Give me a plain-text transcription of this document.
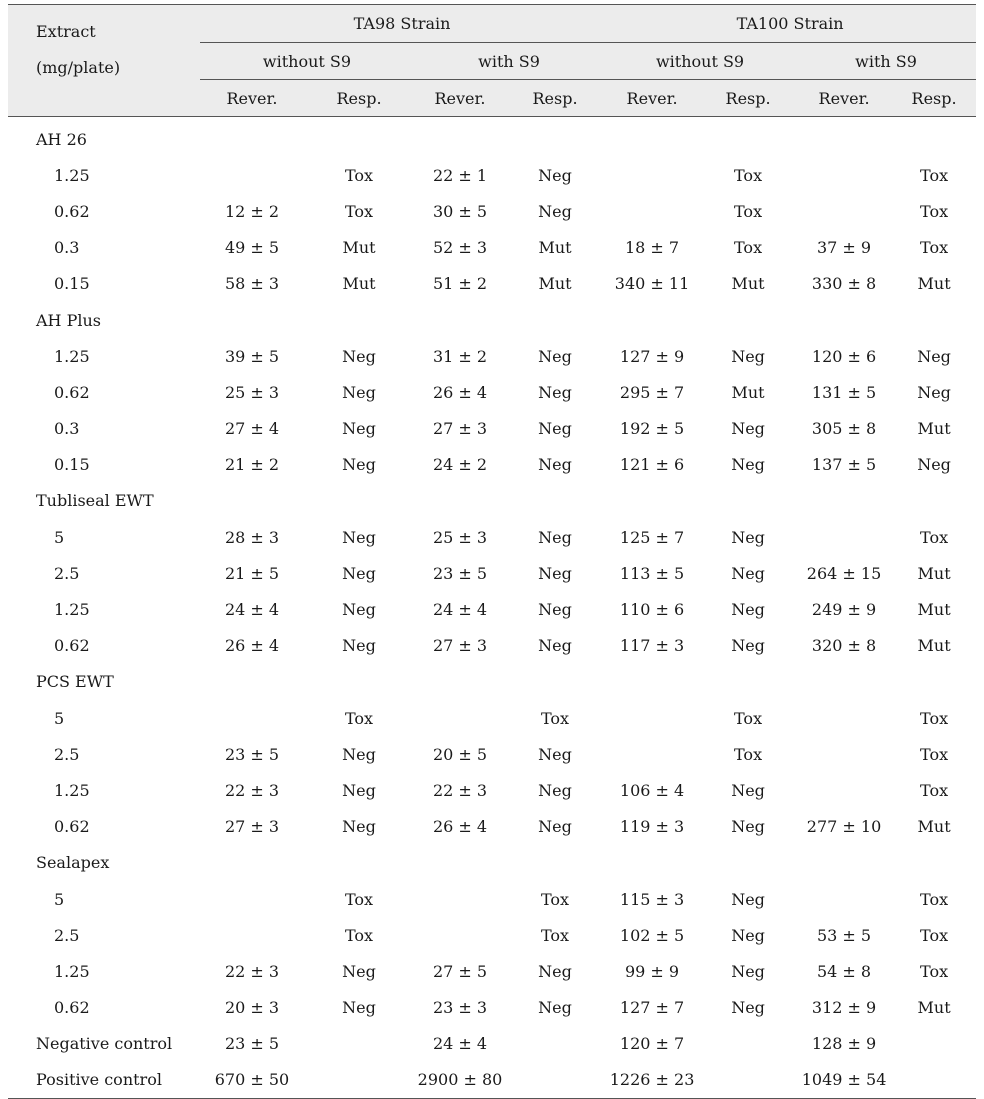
Extract
(mg/plate)	TA98 Strain				TA100 Strain			
	without S9		with S9		without S9		with S9	
	Rever.	Resp.	Rever.	Resp.	Rever.	Resp.	Rever.	Resp.
AH 26								
1.25		Tox	22 ± 1	Neg		Tox		Tox
0.62	12 ± 2	Tox	30 ± 5	Neg		Tox		Tox
0.3	49 ± 5	Mut	52 ± 3	Mut	18 ± 7	Tox	37 ± 9	Tox
0.15	58 ± 3	Mut	51 ± 2	Mut	340 ± 11	Mut	330 ± 8	Mut
AH Plus								
1.25	39 ± 5	Neg	31 ± 2	Neg	127 ± 9	Neg	120 ± 6	Neg
0.62	25 ± 3	Neg	26 ± 4	Neg	295 ± 7	Mut	131 ± 5	Neg
0.3	27 ± 4	Neg	27 ± 3	Neg	192 ± 5	Neg	305 ± 8	Mut
0.15	21 ± 2	Neg	24 ± 2	Neg	121 ± 6	Neg	137 ± 5	Neg
Tubliseal EWT								
5	28 ± 3	Neg	25 ± 3	Neg	125 ± 7	Neg		Tox
2.5	21 ± 5	Neg	23 ± 5	Neg	113 ± 5	Neg	264 ± 15	Mut
1.25	24 ± 4	Neg	24 ± 4	Neg	110 ± 6	Neg	249 ± 9	Mut
0.62	26 ± 4	Neg	27 ± 3	Neg	117 ± 3	Neg	320 ± 8	Mut
PCS EWT								
5		Tox		Tox		Tox		Tox
2.5	23 ± 5	Neg	20 ± 5	Neg		Tox		Tox
1.25	22 ± 3	Neg	22 ± 3	Neg	106 ± 4	Neg		Tox
0.62	27 ± 3	Neg	26 ± 4	Neg	119 ± 3	Neg	277 ± 10	Mut
Sealapex								
5		Tox		Tox	115 ± 3	Neg		Tox
2.5		Tox		Tox	102 ± 5	Neg	53 ± 5	Tox
1.25	22 ± 3	Neg	27 ± 5	Neg	99 ± 9	Neg	54 ± 8	Tox
0.62	20 ± 3	Neg	23 ± 3	Neg	127 ± 7	Neg	312 ± 9	Mut
Negative control	23 ± 5		24 ± 4		120 ± 7		128 ± 9	
Positive control	670 ± 50		2900 ± 80		1226 ± 23		1049 ± 54	
